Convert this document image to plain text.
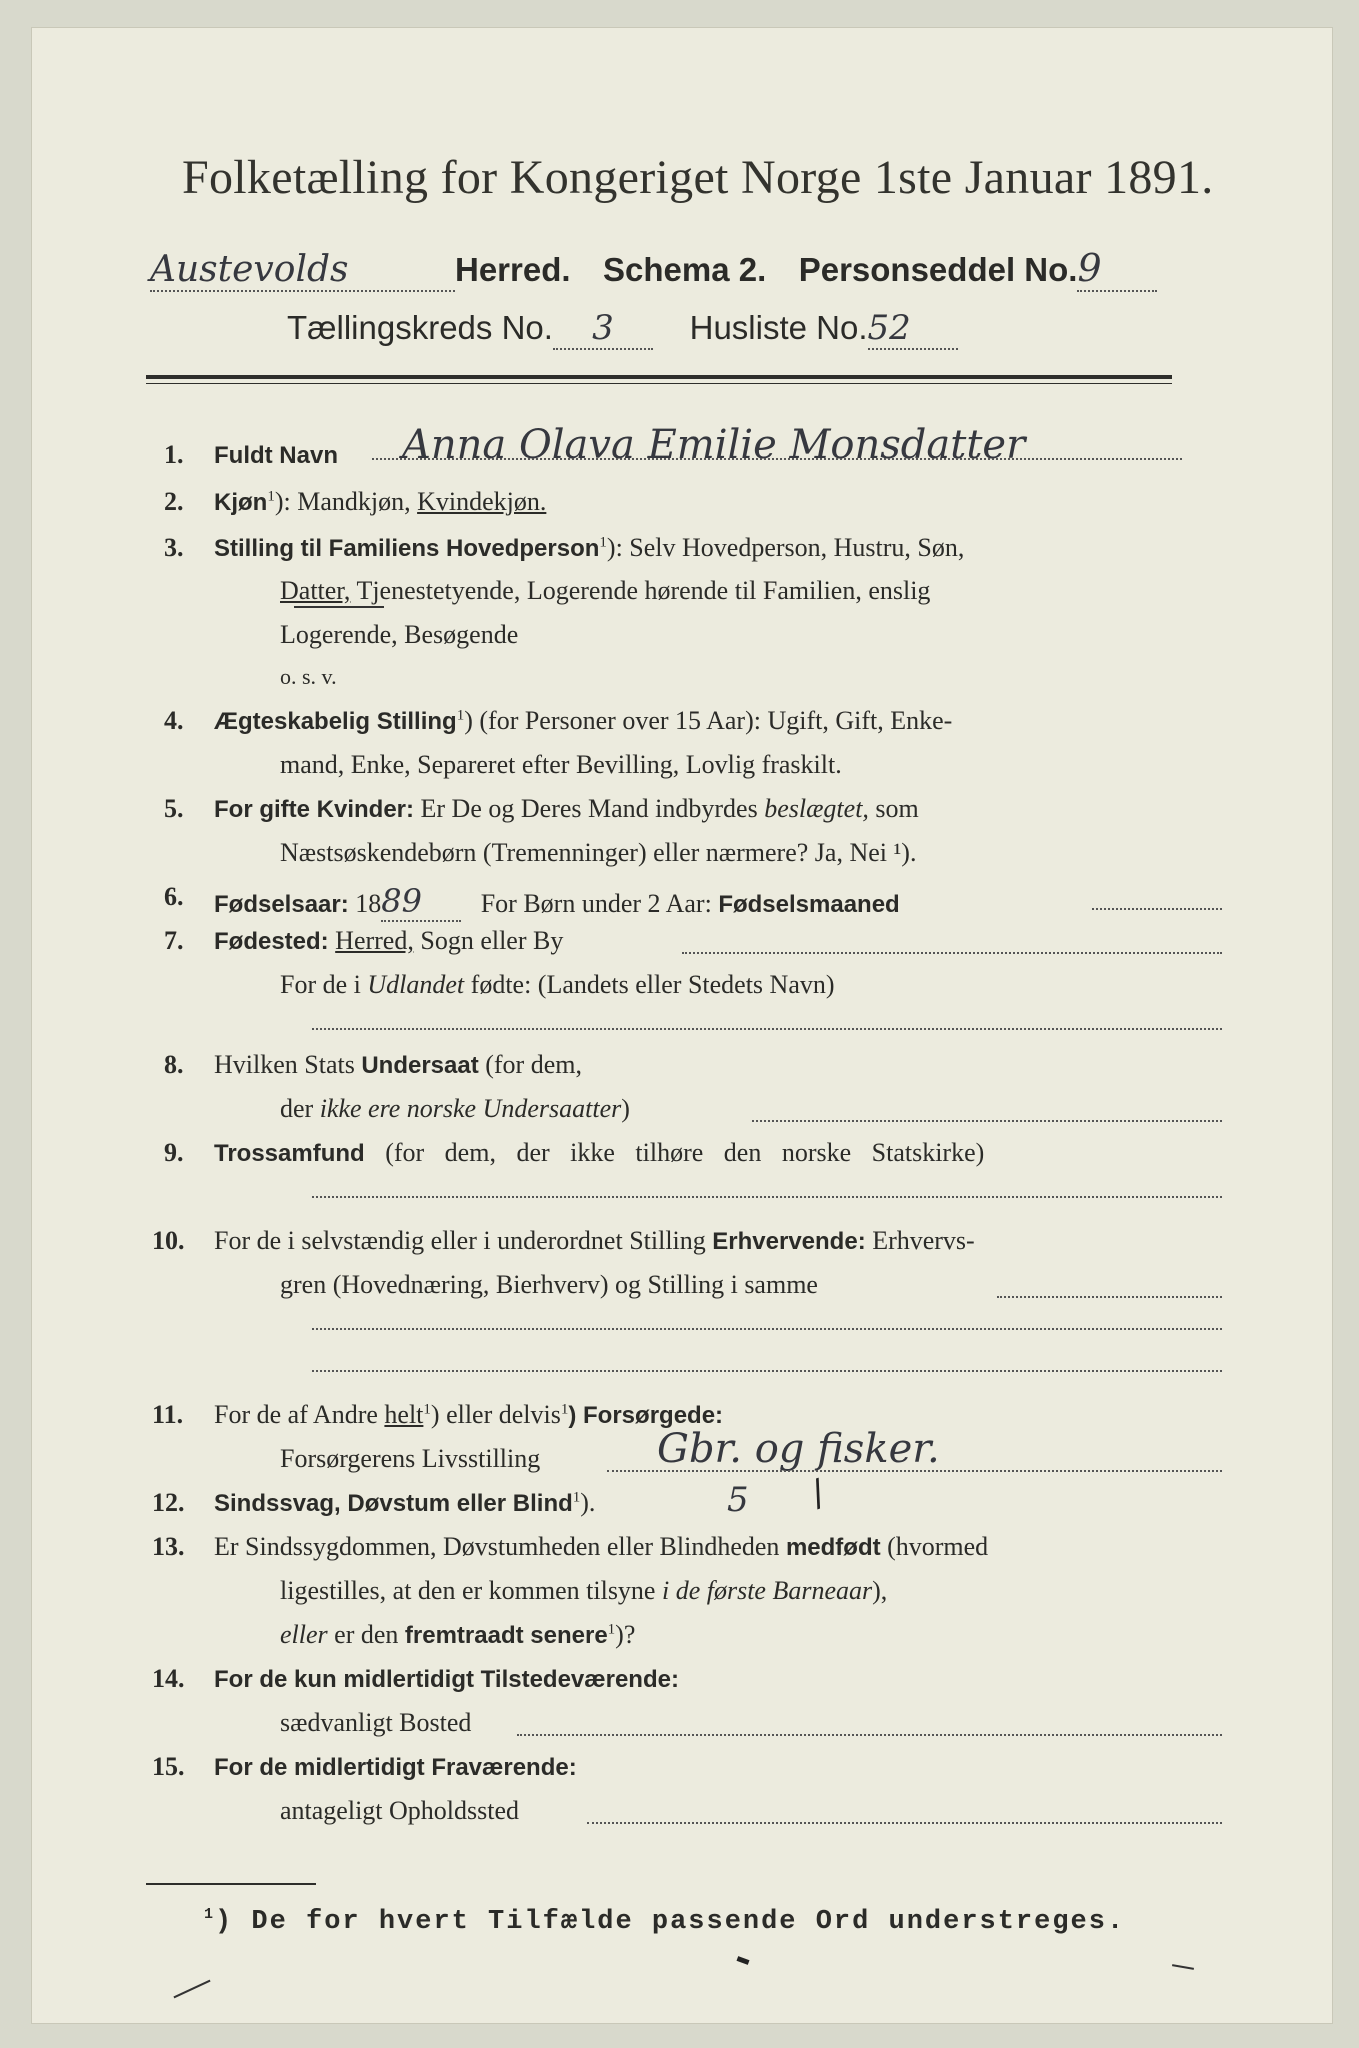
Folketælling for Kongeriget Norge 1ste Januar 1891.
Austevolds	Herred. Schema 2. Personseddel No.9
Tællingskreds No. 3 Husliste No.52
1. Fuldt Navn Anna Olava Emilie Monsdatter
2. Kjøn$^1$): Mandkjøn, Kvindekjøn.
3. Stilling til Familiens Hovedperson$^1$): Selv Hovedperson, Hustru, Søn,
Datter, Tjenestetyende, Logerende hørende til Familien, enslig
Logerende, Besøgende
o. s. v.
4. Ægteskabelig Stilling$^1$) (for Personer over 15 Aar): Ugift, Gift, Enke-
mand, Enke, Separeret efter Bevilling, Lovlig fraskilt.
5. For gifte Kvinder: Er De og Deres Mand indbyrdes beslægtet, som
Næstsøskendebørn (Tremenninger) eller nærmere? Ja, Nei ¹).
6. Fødselsaar: 1889 For Børn under 2 Aar: Fødselsmaaned
7. Fødested: Herred, Sogn eller By
For de i Udlandet fødte: (Landets eller Stedets Navn)
8. Hvilken Stats Undersaat (for dem,
der ikke ere norske Undersaatter)
9. Trossamfund (for dem, der ikke tilhøre den norske Statskirke)
10. For de i selvstændig eller i underordnet Stilling Erhvervende: Erhvervs-
gren (Hovednæring, Bierhverv) og Stilling i samme
11. For de af Andre helt$^1$) eller delvis$^1$) Forsørgede:
Forsørgerens Livsstilling	Gbr. og fisker.
12. Sindssvag, Døvstum eller Blind$^1$).	5 /
13. Er Sindssygdommen, Døvstumheden eller Blindheden medfødt (hvormed
ligestilles, at den er kommen tilsyne i de første Barneaar),
eller er den fremtraadt senere$^1$)?
14. For de kun midlertidigt Tilstedeværende:
sædvanligt Bosted
15. For de midlertidigt Fraværende:
antageligt Opholdssted
$^1$) De for hvert Tilfælde passende Ord understreges.
